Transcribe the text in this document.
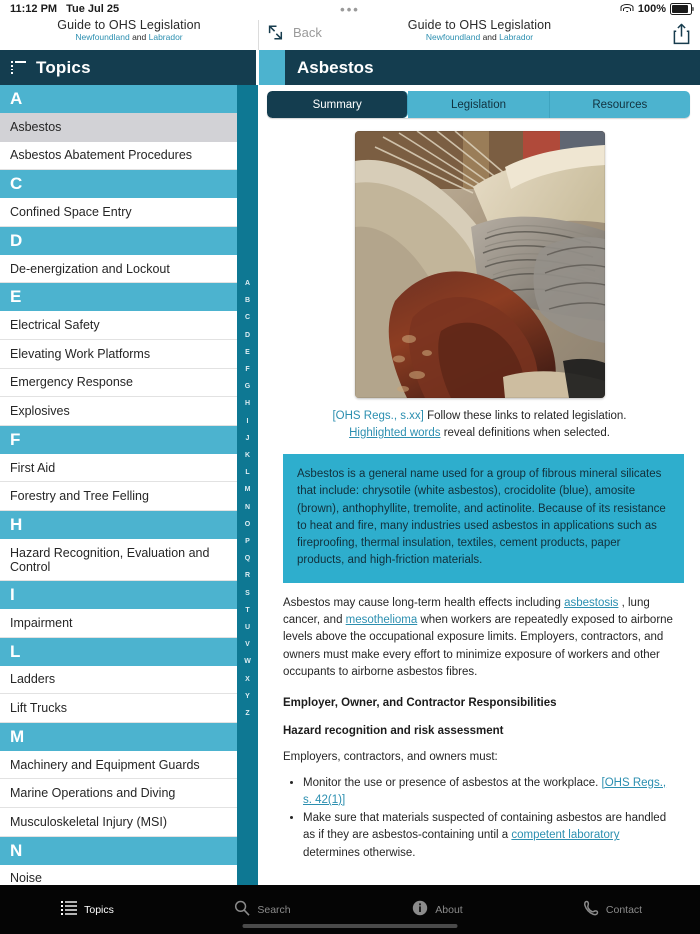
11:12 PM Tue Jul 25	•••	100%
Guide to OHS Legislation
Newfoundland and Labrador	Back	Guide to OHS Legislation
Newfoundland and Labrador
Topics
A
Asbestos
Asbestos Abatement Procedures
C
Confined Space Entry
D
De-energization and Lockout
E
Electrical Safety
Elevating Work Platforms
Emergency Response
Explosives
F
First Aid
Forestry and Tree Felling
H
Hazard Recognition, Evaluation and Control
I
Impairment
L
Ladders
Lift Trucks
M
Machinery and Equipment Guards
Marine Operations and Diving
Musculoskeletal Injury (MSI)
N
Noise
A
B
C
D
E
F
G
H
I
J
K
L
M
N
O
P
Q
R
S
T
U
V
W
X
Y
Z
Asbestos
Summary	Legislation	Resources
[OHS Regs., s.xx] Follow these links to related legislation.
Highlighted words reveal definitions when selected.
Asbestos is a general name used for a group of fibrous mineral silicates that include: chrysotile (white asbestos), crocidolite (blue), amosite (brown), anthophyllite, tremolite, and actinolite. Because of its resistance to heat and fire, many industries used asbestos in applications such as fireproofing, thermal insulation, textiles, cement products, paper products, and high-friction materials.
Asbestos may cause long-term health effects including asbestosis , lung cancer, and mesothelioma when workers are repeatedly exposed to airborne levels above the occupational exposure limits. Employers, contractors, and owners must make every effort to minimize exposure of workers and other occupants to airborne asbestos fibres.
Employer, Owner, and Contractor Responsibilities
Hazard recognition and risk assessment
Employers, contractors, and owners must:
• Monitor the use or presence of asbestos at the workplace. [OHS Regs., s. 42(1)]
• Make sure that materials suspected of containing asbestos are handled as if they are asbestos-containing until a competent laboratory determines otherwise.
Topics	Search	About	Contact
